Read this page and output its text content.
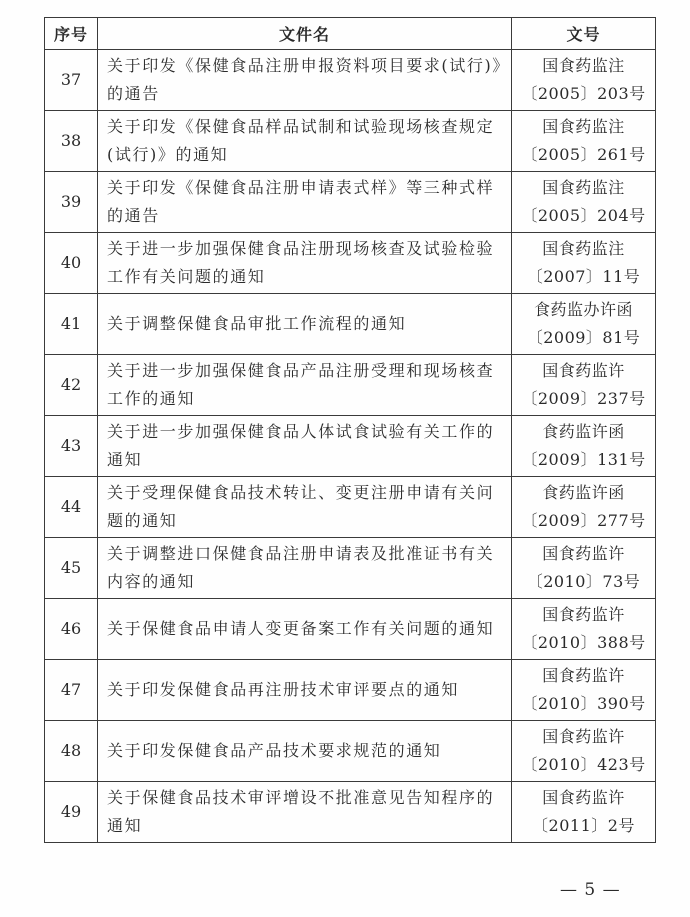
序号	文件名	文号
37	关于印发《保健食品注册申报资料项目要求(试行)》的通告	国食药监注
〔2005〕203号

38	关于印发《保健食品样品试制和试验现场核查规定(试行)》的通知	国食药监注
〔2005〕261号

39	关于印发《保健食品注册申请表式样》等三种式样的通告	国食药监注
〔2005〕204号

40	关于进一步加强保健食品注册现场核查及试验检验工作有关问题的通知	国食药监注
〔2007〕11号

41	关于调整保健食品审批工作流程的通知	食药监办许函
〔2009〕81号

42	关于进一步加强保健食品产品注册受理和现场核查工作的通知	国食药监许
〔2009〕237号

43	关于进一步加强保健食品人体试食试验有关工作的通知	食药监许函
〔2009〕131号

44	关于受理保健食品技术转让、变更注册申请有关问题的通知	食药监许函
〔2009〕277号

45	关于调整进口保健食品注册申请表及批准证书有关内容的通知	国食药监许
〔2010〕73号

46	关于保健食品申请人变更备案工作有关问题的通知	国食药监许
〔2010〕388号

47	关于印发保健食品再注册技术审评要点的通知	国食药监许
〔2010〕390号

48	关于印发保健食品产品技术要求规范的通知	国食药监许
〔2010〕423号

49	关于保健食品技术审评增设不批准意见告知程序的通知	国食药监许
〔2011〕2号
— 5 —
